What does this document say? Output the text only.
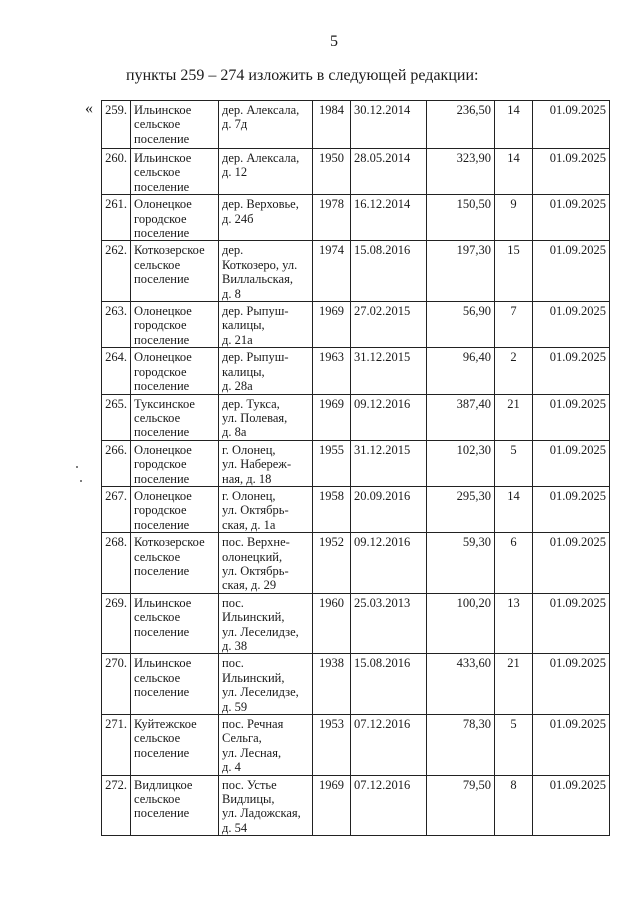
5
пункты 259 – 274 изложить в следующей редакции:
« 259.	Ильинское
сельское
поселение	дер. Алексала,
д. 7д	1984	30.12.2014	236,50	14	01.09.2025
260.	Ильинское
сельское
поселение	дер. Алексала,
д. 12	1950	28.05.2014	323,90	14	01.09.2025
261.	Олонецкое
городское
поселение	дер. Верховье,
д. 24б	1978	16.12.2014	150,50	9	01.09.2025
262.	Коткозерское
сельское
поселение	дер.
Коткозеро, ул.
Виллальская,
д. 8	1974	15.08.2016	197,30	15	01.09.2025
263.	Олонецкое
городское
поселение	дер. Рыпуш-
калицы,
д. 21а	1969	27.02.2015	56,90	7	01.09.2025
264.	Олонецкое
городское
поселение	дер. Рыпуш-
калицы,
д. 28а	1963	31.12.2015	96,40	2	01.09.2025
265.	Туксинское
сельское
поселение	дер. Тукса,
ул. Полевая,
д. 8а	1969	09.12.2016	387,40	21	01.09.2025
266.	Олонецкое
городское
поселение	г. Олонец,
ул. Набереж-
ная, д. 18	1955	31.12.2015	102,30	5	01.09.2025
267.	Олонецкое
городское
поселение	г. Олонец,
ул. Октябрь-
ская, д. 1а	1958	20.09.2016	295,30	14	01.09.2025
268.	Коткозерское
сельское
поселение	пос. Верхне-
олонецкий,
ул. Октябрь-
ская, д. 29	1952	09.12.2016	59,30	6	01.09.2025
269.	Ильинское
сельское
поселение	пос.
Ильинский,
ул. Леселидзе,
д. 38	1960	25.03.2013	100,20	13	01.09.2025
270.	Ильинское
сельское
поселение	пос.
Ильинский,
ул. Леселидзе,
д. 59	1938	15.08.2016	433,60	21	01.09.2025
271.	Куйтежское
сельское
поселение	пос. Речная
Сельга,
ул. Лесная,
д. 4	1953	07.12.2016	78,30	5	01.09.2025
272.	Видлицкое
сельское
поселение	пос. Устье
Видлицы,
ул. Ладожская,
д. 54	1969	07.12.2016	79,50	8	01.09.2025
